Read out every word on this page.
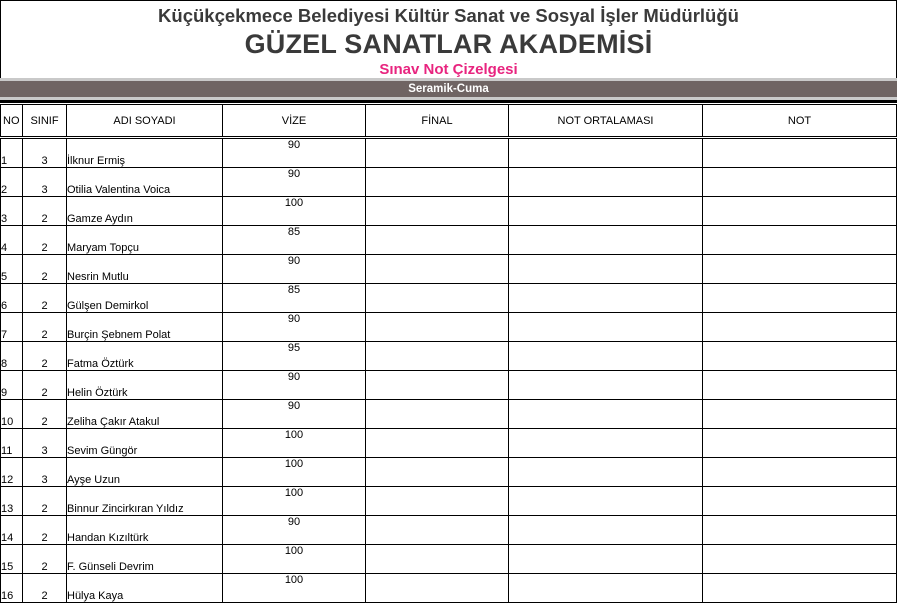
Küçükçekmece Belediyesi Kültür Sanat ve Sosyal İşler Müdürlüğü
GÜZEL SANATLAR AKADEMİSİ
Sınav Not Çizelgesi
Seramik-Cuma
NO	SINIF	ADI SOYADI	VİZE	FİNAL	NOT ORTALAMASI	NOT
1	3	İlknur Ermiş	90			
2	3	Otilia Valentina Voica	90			
3	2	Gamze Aydın	100			
4	2	Maryam Topçu	85			
5	2	Nesrin Mutlu	90			
6	2	Gülşen Demirkol	85			
7	2	Burçin Şebnem Polat	90			
8	2	Fatma Öztürk	95			
9	2	Helin Öztürk	90			
10	2	Zeliha Çakır Atakul	90			
11	3	Sevim Güngör	100			
12	3	Ayşe Uzun	100			
13	2	Binnur Zincirkıran Yıldız	100			
14	2	Handan Kızıltürk	90			
15	2	F. Günseli Devrim	100			
16	2	Hülya Kaya	100			
